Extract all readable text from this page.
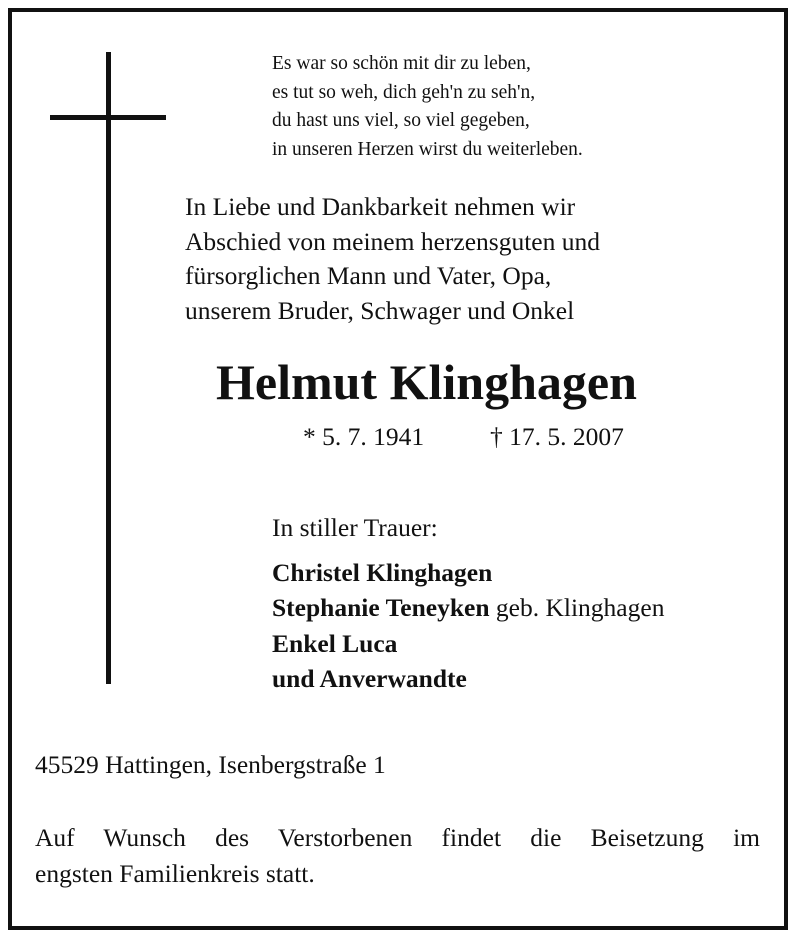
Es war so schön mit dir zu leben,
es tut so weh, dich geh'n zu seh'n,
du hast uns viel, so viel gegeben,
in unseren Herzen wirst du weiterleben.
In Liebe und Dankbarkeit nehmen wir
Abschied von meinem herzensguten und
fürsorglichen Mann und Vater, Opa,
unserem Bruder, Schwager und Onkel
Helmut Klinghagen
* 5. 7. 1941	† 17. 5. 2007
In stiller Trauer:
Christel Klinghagen
Stephanie Teneyken geb. Klinghagen
Enkel Luca
und Anverwandte
45529 Hattingen, Isenbergstraße 1
Auf Wunsch des Verstorbenen findet die Beisetzung im
engsten Familienkreis statt.
